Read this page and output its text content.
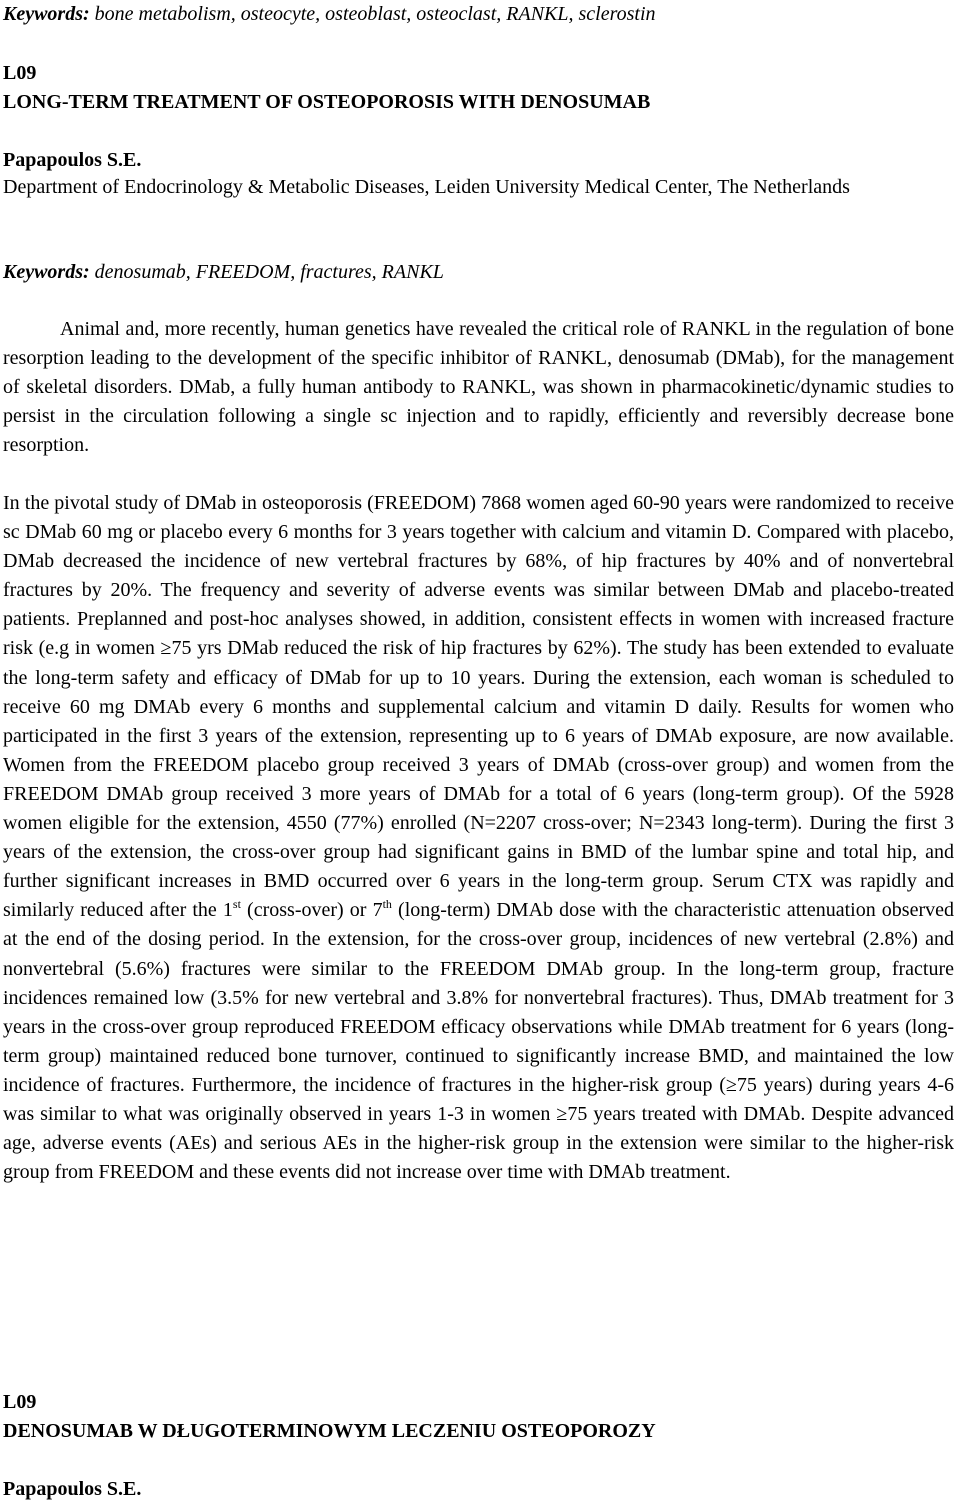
Keywords: bone metabolism, osteocyte, osteoblast, osteoclast, RANKL, sclerostin
L09
LONG-TERM TREATMENT OF OSTEOPOROSIS WITH DENOSUMAB
Papapoulos S.E.
Department of Endocrinology & Metabolic Diseases, Leiden University Medical Center, The Netherlands
Keywords: denosumab, FREEDOM, fractures, RANKL
Animal and, more recently, human genetics have revealed the critical role of RANKL in the regulation of bone resorption leading to the development of the specific inhibitor of RANKL, denosumab (DMab), for the management of skeletal disorders. DMab, a fully human antibody to RANKL, was shown in pharmacokinetic/dynamic studies to persist in the circulation following a single sc injection and to rapidly, efficiently and reversibly decrease bone resorption.
In the pivotal study of DMab in osteoporosis (FREEDOM) 7868 women aged 60-90 years were randomized to receive sc DMab 60 mg or placebo every 6 months for 3 years together with calcium and vitamin D. Compared with placebo, DMab decreased the incidence of new vertebral fractures by 68%, of hip fractures by 40% and of nonvertebral fractures by 20%. The frequency and severity of adverse events was similar between DMab and placebo-treated patients. Preplanned and post-hoc analyses showed, in addition, consistent effects in women with increased fracture risk (e.g in women ≥75 yrs DMab reduced the risk of hip fractures by 62%). The study has been extended to evaluate the long-term safety and efficacy of DMab for up to 10 years. During the extension, each woman is scheduled to receive 60 mg DMAb every 6 months and supplemental calcium and vitamin D daily. Results for women who participated in the first 3 years of the extension, representing up to 6 years of DMAb exposure, are now available. Women from the FREEDOM placebo group received 3 years of DMAb (cross-over group) and women from the FREEDOM DMAb group received 3 more years of DMAb for a total of 6 years (long-term group). Of the 5928 women eligible for the extension, 4550 (77%) enrolled (N=2207 cross-over; N=2343 long-term). During the first 3 years of the extension, the cross-over group had significant gains in BMD of the lumbar spine and total hip, and further significant increases in BMD occurred over 6 years in the long-term group. Serum CTX was rapidly and similarly reduced after the 1st (cross-over) or 7th (long-term) DMAb dose with the characteristic attenuation observed at the end of the dosing period. In the extension, for the cross-over group, incidences of new vertebral (2.8%) and nonvertebral (5.6%) fractures were similar to the FREEDOM DMAb group. In the long-term group, fracture incidences remained low (3.5% for new vertebral and 3.8% for nonvertebral fractures). Thus, DMAb treatment for 3 years in the cross-over group reproduced FREEDOM efficacy observations while DMAb treatment for 6 years (long-term group) maintained reduced bone turnover, continued to significantly increase BMD, and maintained the low incidence of fractures. Furthermore, the incidence of fractures in the higher-risk group (≥75 years) during years 4-6 was similar to what was originally observed in years 1-3 in women ≥75 years treated with DMAb. Despite advanced age, adverse events (AEs) and serious AEs in the higher-risk group in the extension were similar to the higher-risk group from FREEDOM and these events did not increase over time with DMAb treatment.
L09
DENOSUMAB W DŁUGOTERMINOWYM LECZENIU OSTEOPOROZY
Papapoulos S.E.
